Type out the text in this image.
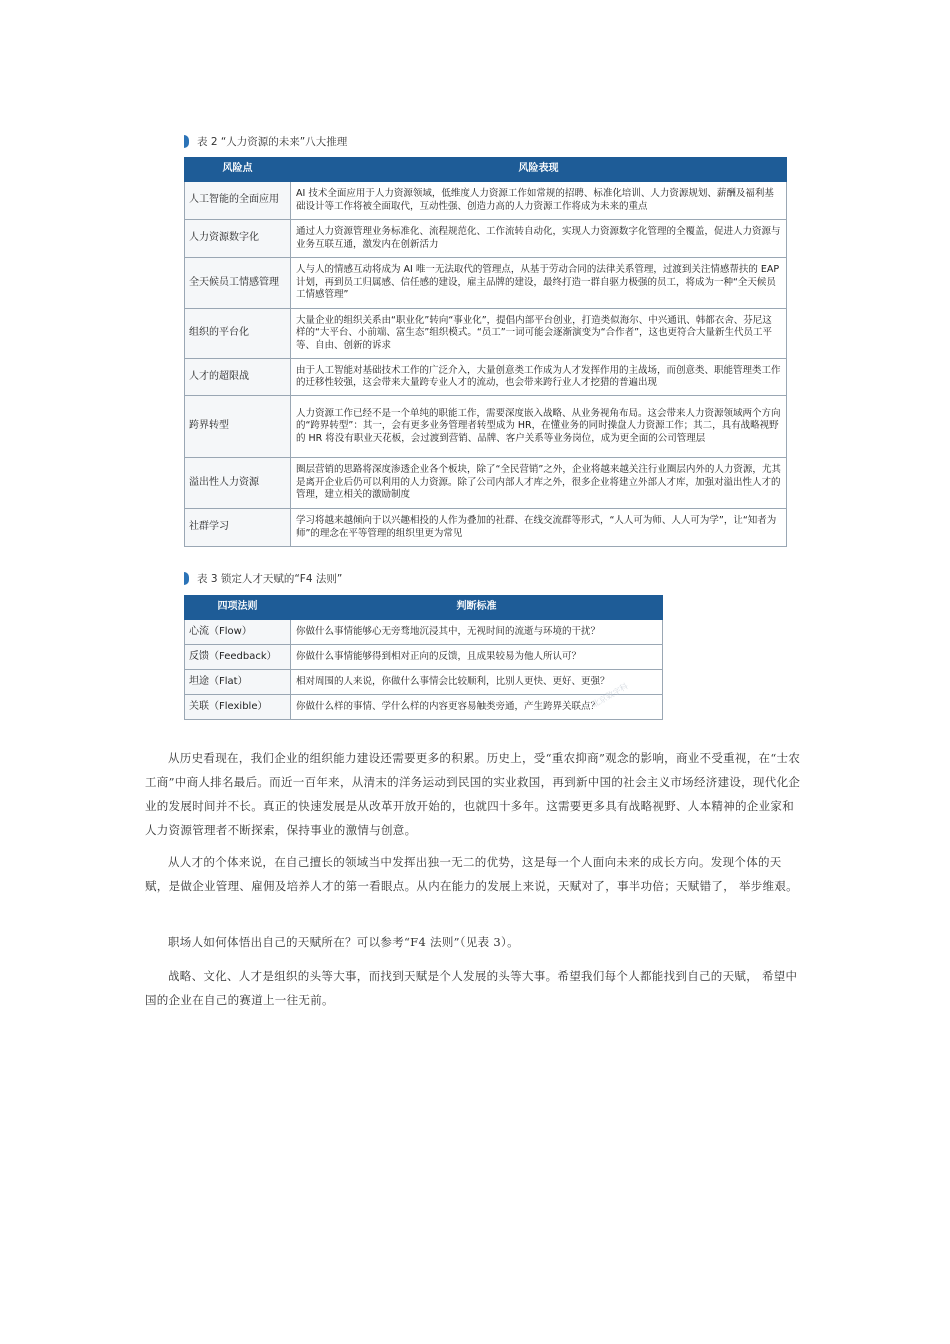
表 2 “人力资源的未来”八大推理
风险点	风险表现
人工智能的全面应用	AI 技术全面应用于人力资源领域，低维度人力资源工作如常规的招聘、标准化培训、人力资源规划、薪酬及福利基础设计等工作将被全面取代，互动性强、创造力高的人力资源工作将成为未来的重点
人力资源数字化	通过人力资源管理业务标准化、流程规范化、工作流转自动化，实现人力资源数字化管理的全覆盖，促进人力资源与业务互联互通，激发内在创新活力
全天候员工情感管理	人与人的情感互动将成为 AI 唯一无法取代的管理点，从基于劳动合同的法律关系管理，过渡到关注情感帮扶的 EAP 计划，再到员工归属感、信任感的建设，雇主品牌的建设，最终打造一群自驱力极强的员工，将成为一种“全天候员工情感管理”
组织的平台化	大量企业的组织关系由“职业化”转向“事业化”，提倡内部平台创业，打造类似海尔、中兴通讯、韩都衣舍、芬尼这样的“大平台、小前端、富生态”组织模式。“员工”一词可能会逐渐演变为“合作者”，这也更符合大量新生代员工平等、自由、创新的诉求
人才的超限战	由于人工智能对基础技术工作的广泛介入，大量创意类工作成为人才发挥作用的主战场，而创意类、职能管理类工作的迁移性较强，这会带来大量跨专业人才的流动，也会带来跨行业人才挖猎的普遍出现
跨界转型	人力资源工作已经不是一个单纯的职能工作，需要深度嵌入战略、从业务视角布局。这会带来人力资源领域两个方向的“跨界转型”：其一，会有更多业务管理者转型成为 HR，在懂业务的同时操盘人力资源工作；其二，具有战略视野的 HR 将没有职业天花板，会过渡到营销、品牌、客户关系等业务岗位，成为更全面的公司管理层
溢出性人力资源	圈层营销的思路将深度渗透企业各个板块，除了“全民营销”之外，企业将越来越关注行业圈层内外的人力资源，尤其是离开企业后仍可以利用的人力资源。除了公司内部人才库之外，很多企业将建立外部人才库，加强对溢出性人才的管理，建立相关的激励制度
社群学习	学习将越来越倾向于以兴趣相投的人作为叠加的社群、在线交流群等形式，“人人可为师、人人可为学”，让“知者为师”的理念在平等管理的组织里更为常见
表 3 锁定人才天赋的“F4 法则”
四项法则	判断标准
心流（Flow）	你做什么事情能够心无旁骛地沉浸其中，无视时间的流逝与环境的干扰？
反馈（Feedback）	你做什么事情能够得到相对正向的反馈，且成果较易为他人所认可？
坦途（Flat）	相对周围的人来说，你做什么事情会比较顺利，比别人更快、更好、更强？
关联（Flexible）	你做什么样的事情、学什么样的内容更容易触类旁通，产生跨界关联点？
北京数字科

从历史看现在，我们企业的组织能力建设还需要更多的积累。历史上，受“重农抑商”观念的影响，商业不受重视，在“士农工商”中商人排名最后。而近一百年来，从清末的洋务运动到民国的实业救国，再到新中国的社会主义市场经济建设，现代化企业的发展时间并不长。真正的快速发展是从改革开放开始的，也就四十多年。这需要更多具有战略视野、人本精神的企业家和人力资源管理者不断探索，保持事业的激情与创意。

从人才的个体来说，在自己擅长的领域当中发挥出独一无二的优势，这是每一个人面向未来的成长方向。发现个体的天赋，是做企业管理、雇佣及培养人才的第一看眼点。从内在能力的发展上来说，天赋对了，事半功倍；天赋错了， 举步维艰。

职场人如何体悟出自己的天赋所在？可以参考“F4 法则”（见表 3）。

战略、文化、人才是组织的头等大事，而找到天赋是个人发展的头等大事。希望我们每个人都能找到自己的天赋， 希望中国的企业在自己的赛道上一往无前。
